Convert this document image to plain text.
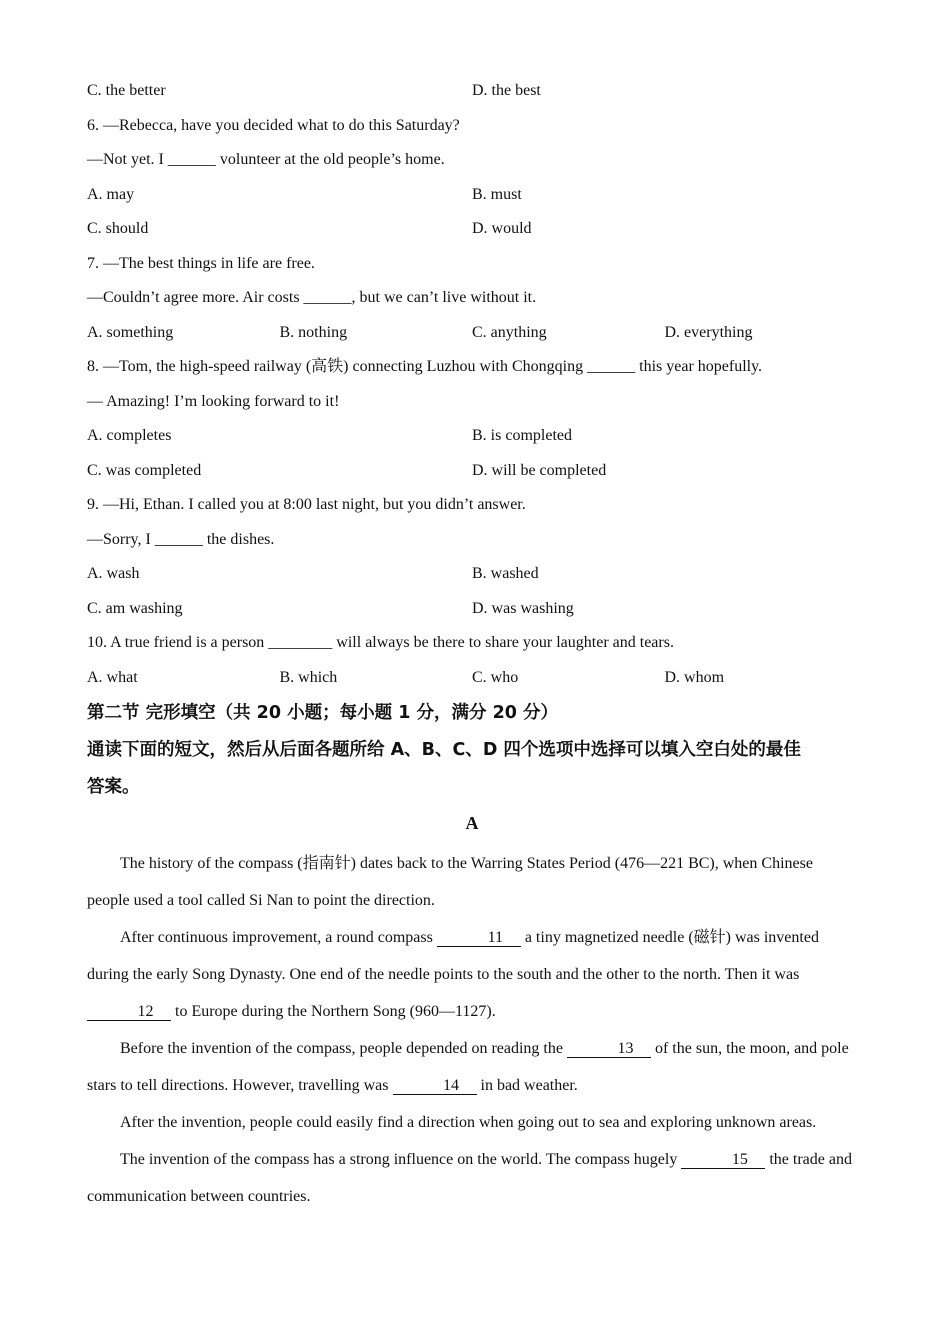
C. the better	D. the best
6. —Rebecca, have you decided what to do this Saturday?
—Not yet. I ______ volunteer at the old people’s home.
A. may	B. must
C. should	D. would
7. —The best things in life are free.
—Couldn’t agree more. Air costs ______, but we can’t live without it.
A. something	B. nothing	C. anything	D. everything
8. —Tom, the high-speed railway (高铁) connecting Luzhou with Chongqing ______ this year hopefully.
— Amazing! I’m looking forward to it!
A. completes	B. is completed
C. was completed	D. will be completed
9. —Hi, Ethan. I called you at 8:00 last night, but you didn’t answer.
—Sorry, I ______ the dishes.
A. wash	B. washed
C. am washing	D. was washing
10. A true friend is a person ________ will always be there to share your laughter and tears.
A. what	B. which	C. who	D. whom
第二节 完形填空（共 20 小题；每小题 1 分，满分 20 分）
通读下面的短文，然后从后面各题所给 A、B、C、D 四个选项中选择可以填入空白处的最佳
答案。
A
The history of the compass (指南针) dates back to the Warring States Period (476—221 BC), when Chinese people used a tool called Si Nan to point the direction.
After continuous improvement, a round compass	11 a tiny magnetized needle (磁针) was invented during the early Song Dynasty. One end of the needle points to the south and the other to the north. Then it was 12 to Europe during the Northern Song (960—1127).
Before the invention of the compass, people depended on reading the	13 of the sun, the moon, and pole stars to tell directions. However, travelling was	14 in bad weather.
After the invention, people could easily find a direction when going out to sea and exploring unknown areas.
The invention of the compass has a strong influence on the world. The compass hugely	15 the trade and communication between countries.
